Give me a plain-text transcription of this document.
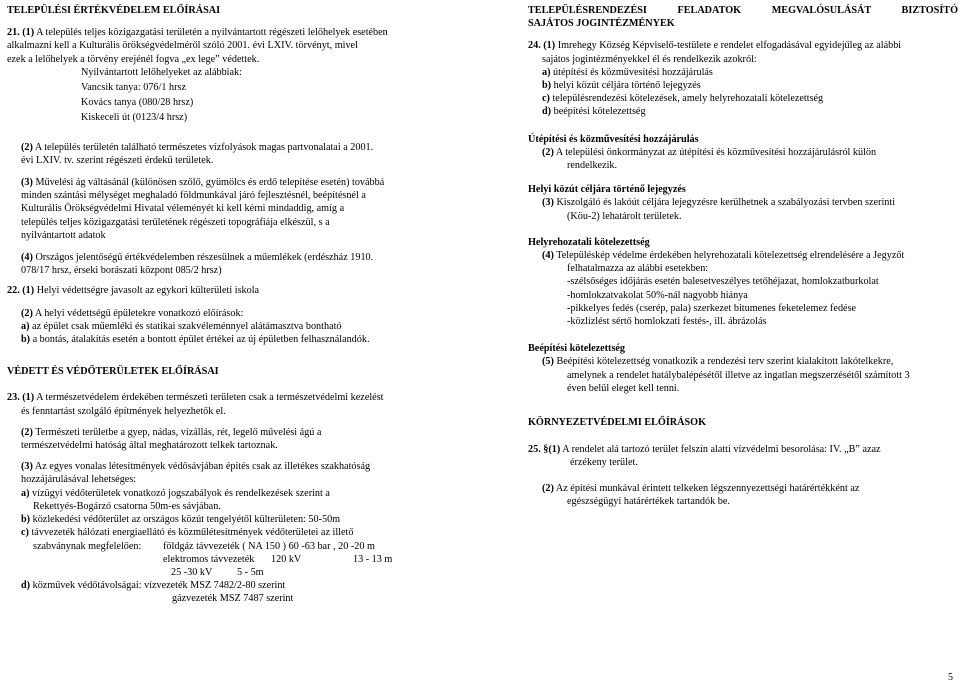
TELEPÜLÉSI ÉRTÉKVÉDELEM ELŐÍRÁSAI

21. (1) A település teljes közigazgatási területén a nyilvántartott régészeti lelőhelyek esetében

alkalmazni kell a Kulturális örökségvédelméről szóló 2001. évi LXIV. törvényt, mivel

ezek a lelőhelyek a törvény erejénél fogva „ex lege” védettek.

Nyilvántartott lelőhelyeket az alábbiak:

Vancsik tanya: 076/1 hrsz

Kovács tanya (080/28 hrsz)

Kiskeceli út (0123/4 hrsz)

(2) A település területén található természetes vízfolyások magas partvonalatai a 2001.

évi LXIV. tv. szerint régészeti érdekű területek.

(3) Művelési ág váltásánál (különösen szőlő, gyümölcs és erdő telepítése esetén) továbbá

minden szántási mélységet meghaladó földmunkával járó fejlesztésnél, beépítésnél a

Kulturális Örökségvédelmi Hivatal véleményét ki kell kérni mindaddig, amíg a

település teljes közigazgatási területének régészeti topográfiája elkészül, s a

nyilvántartott adatok

(4) Országos jelentőségű értékvédelemben részesülnek a műemlékek (erdészház 1910.

078/17 hrsz, érseki borászati központ 085/2 hrsz)

22. (1) Helyi védettségre javasolt az egykori külterületi iskola

(2) A helyi védettségű épületekre vonatkozó előírások:

a) az épület csak műemléki és statikai szakvéleménnyel alátámasztva bontható

b) a bontás, átalakítás esetén a bontott épület értékei az új épületben felhasználandók.

VÉDETT ÉS VÉDŐTERÜLETEK ELŐÍRÁSAI

23. (1) A természetvédelem érdekében természeti területen csak a természetvédelmi kezelést

és fenntartást szolgáló építmények helyezhetők el.

(2) Természeti területbe a gyep, nádas, vízállás, rét, legelő művelési ágú a

természetvédelmi hatóság által meghatározott telkek tartoznak.

(3) Az egyes vonalas létesítmények védősávjában építés csak az illetékes szakhatóság

hozzájárulásával lehetséges:

a) vízügyi védőterületek vonatkozó jogszabályok és rendelkezések szerint a

Rekettyés-Bogárzó csatorna 50m-es sávjában.

b) közlekedési védőterület az országos közút tengelyétől külterületen: 50-50m

c) távvezeték hálózati energiaellátó és közműlétesítmények védőterületei az illető

szabványnak megfelelően: földgáz távvezeték ( NA 150 ) 60 -63 bar , 20 -20 m

elektromos távvezeték 120 kV	13 - 13 m

25 -30 kV 5 - 5m

d) közművek védőtávolságai: vízvezeték MSZ 7482/2-80 szerint

gázvezeték MSZ 7487 szerint

TELEPÜLÉSRENDEZÉSI FELADATOK MEGVALÓSULÁSÁT BIZTOSÍTÓ

SAJÁTOS JOGINTÉZMÉNYEK

24. (1) Imrehegy Község Képviselő-testülete e rendelet elfogadásával egyidejűleg az alábbi

sajátos jogintézményekkel él és rendelkezik azokról:

a) útépítési és közművesítési hozzájárulás

b) helyi közút céljára történő lejegyzés

c) településrendezési kötelezések, amely helyrehozatali kötelezettség

d) beépítési kötelezettség

Útépítési és közművesítési hozzájárulás

(2) A települési önkormányzat az útépítési és közművesítési hozzájárulásról külön

rendelkezik.

Helyi közút céljára történő lejegyzés

(3) Kiszolgáló és lakóút céljára lejegyzésre kerülhetnek a szabályozási tervben szerinti

(Köu-2) lehatárolt területek.

Helyrehozatali kötelezettség

(4) Településkép védelme érdekében helyrehozatali kötelezettség elrendelésére a Jegyzőt

felhatalmazza az alábbi esetekben:

-szélsőséges időjárás esetén balesetveszélyes tetőhéjazat, homlokzatburkolat

-homlokzatvakolat 50%-nál nagyobb hiánya

-pikkelyes fedés (cserép, pala) szerkezet bitumenes feketelemez fedése

-közlízlést sértő homlokzati festés-, ill. ábrázolás

Beépítési kötelezettség

(5) Beépítési kötelezettség vonatkozik a rendezési terv szerint kialakított lakótelkekre,

amelynek a rendelet hatálybalépésétől illetve az ingatlan megszerzésétől számított 3

éven belül eleget kell tenni.

KÖRNYEZETVÉDELMI ELŐÍRÁSOK

25. §(1) A rendelet alá tartozó terület felszín alatti vízvédelmi besorolása: IV. „B” azaz

érzékeny terület.

(2) Az építési munkával érintett telkeken légszennyezettségi határértékként az

egészségügyi határértékek tartandók be.

5
